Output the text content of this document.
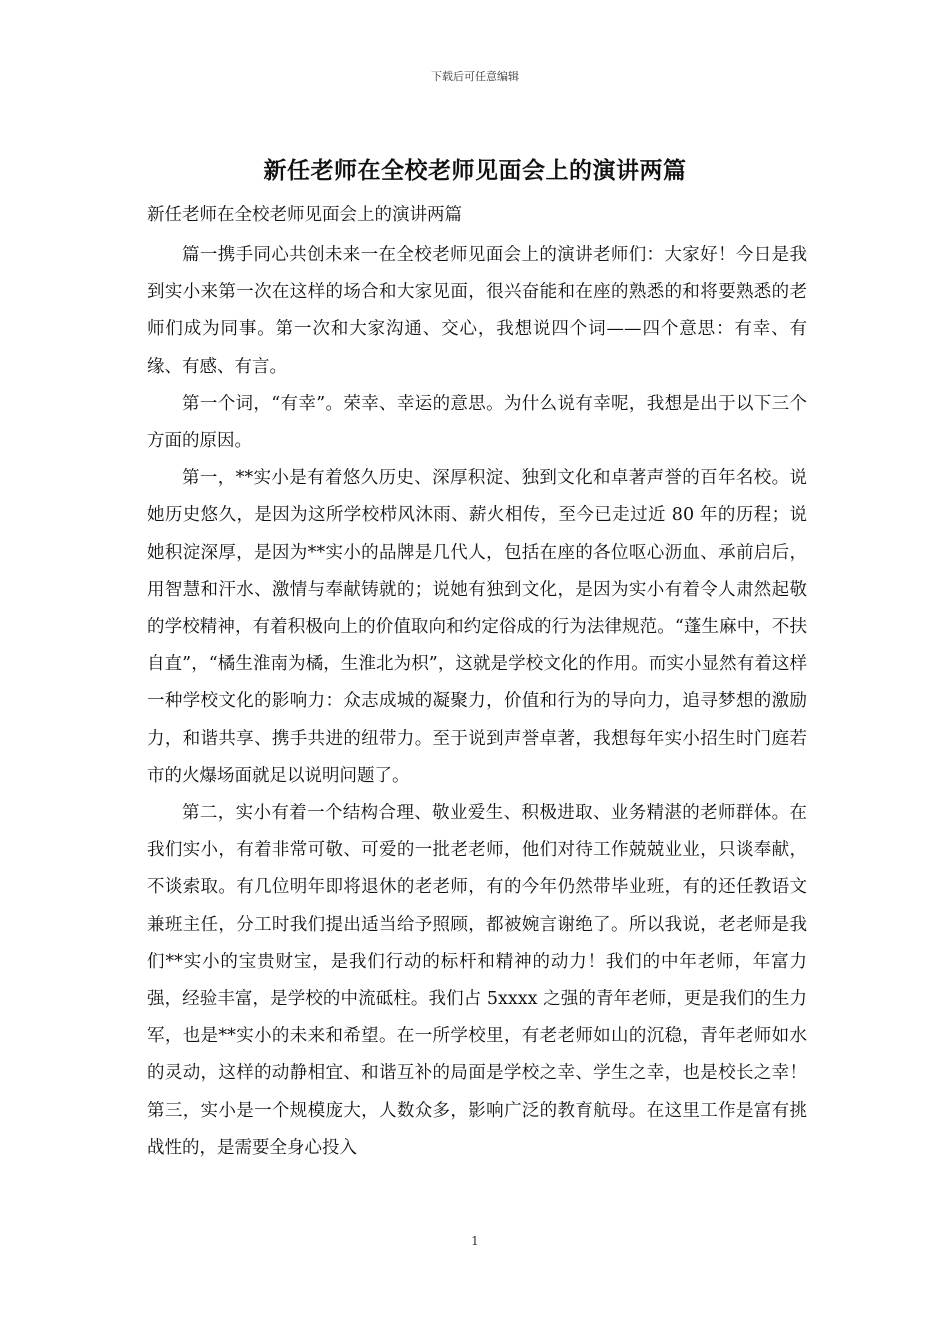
下载后可任意编辑
新任老师在全校老师见面会上的演讲两篇
新任老师在全校老师见面会上的演讲两篇

篇一携手同心共创未来一在全校老师见面会上的演讲老师们：大家好！今日是我到实小来第一次在这样的场合和大家见面，很兴奋能和在座的熟悉的和将要熟悉的老师们成为同事。第一次和大家沟通、交心，我想说四个词——四个意思：有幸、有缘、有感、有言。

第一个词，“有幸”。荣幸、幸运的意思。为什么说有幸呢，我想是出于以下三个方面的原因。

第一，**实小是有着悠久历史、深厚积淀、独到文化和卓著声誉的百年名校。说她历史悠久，是因为这所学校栉风沐雨、薪火相传，至今已走过近 80 年的历程；说她积淀深厚，是因为**实小的品牌是几代人，包括在座的各位呕心沥血、承前启后，用智慧和汗水、激情与奉献铸就的；说她有独到文化，是因为实小有着令人肃然起敬的学校精神，有着积极向上的价值取向和约定俗成的行为法律规范。“蓬生麻中，不扶自直”，“橘生淮南为橘，生淮北为枳”，这就是学校文化的作用。而实小显然有着这样一种学校文化的影响力：众志成城的凝聚力，价值和行为的导向力，追寻梦想的激励力，和谐共享、携手共进的纽带力。至于说到声誉卓著，我想每年实小招生时门庭若市的火爆场面就足以说明问题了。

第二，实小有着一个结构合理、敬业爱生、积极进取、业务精湛的老师群体。在我们实小，有着非常可敬、可爱的一批老老师，他们对待工作兢兢业业，只谈奉献，不谈索取。有几位明年即将退休的老老师，有的今年仍然带毕业班，有的还任教语文兼班主任，分工时我们提出适当给予照顾，都被婉言谢绝了。所以我说，老老师是我们**实小的宝贵财宝，是我们行动的标杆和精神的动力！我们的中年老师，年富力强，经验丰富，是学校的中流砥柱。我们占 5xxxx 之强的青年老师，更是我们的生力军，也是**实小的未来和希望。在一所学校里，有老老师如山的沉稳，青年老师如水的灵动，这样的动静相宜、和谐互补的局面是学校之幸、学生之幸，也是校长之幸！第三，实小是一个规模庞大，人数众多，影响广泛的教育航母。在这里工作是富有挑战性的，是需要全身心投入

1
